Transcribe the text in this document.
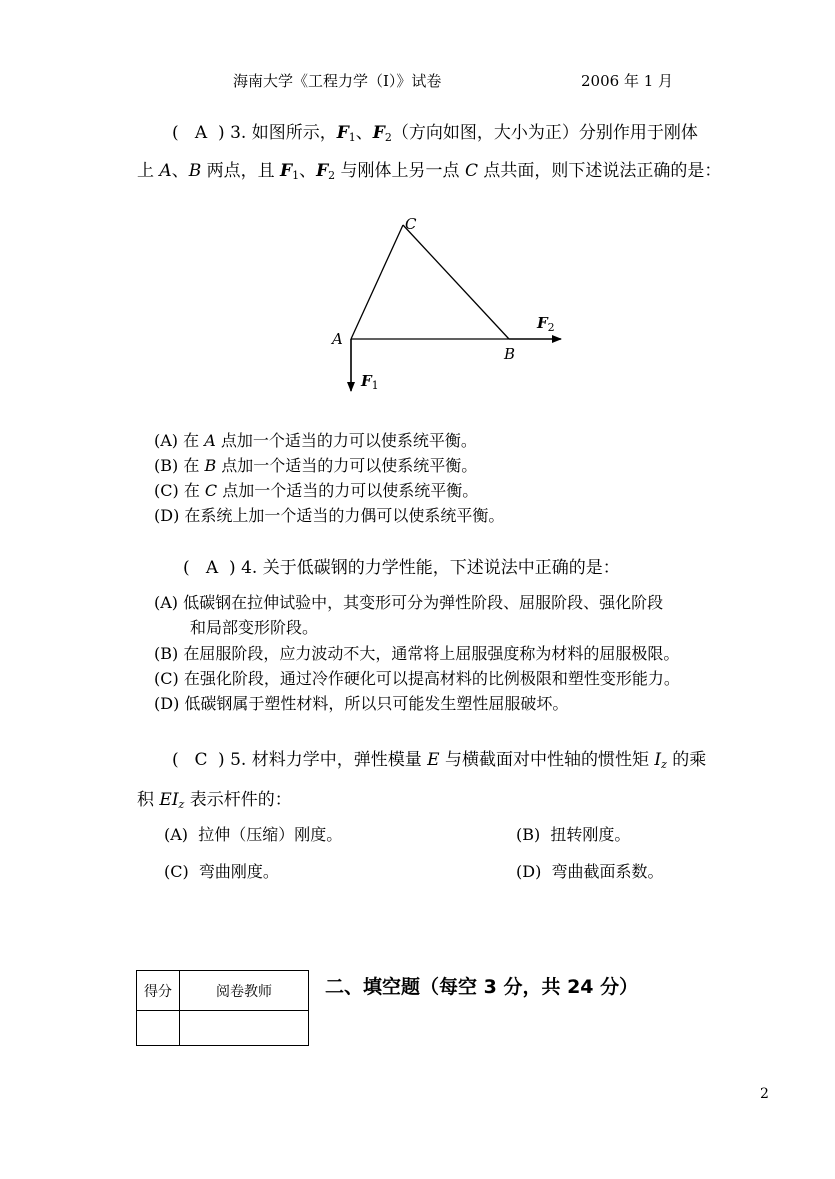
海南大学《工程力学（I）》试卷	2006 年 1 月
( A ) 3. 如图所示，$F_1$、$F_2$（方向如图，大小为正）分别作用于刚体
上 A、B 两点，且 $F_1$、$F_2$ 与刚体上另一点 C 点共面，则下述说法正确的是：
C
A
B
$F_2$
$F_1$
(A) 在 A 点加一个适当的力可以使系统平衡。
(B) 在 B 点加一个适当的力可以使系统平衡。
(C) 在 C 点加一个适当的力可以使系统平衡。
(D) 在系统上加一个适当的力偶可以使系统平衡。
( A ) 4. 关于低碳钢的力学性能，下述说法中正确的是：
(A) 低碳钢在拉伸试验中，其变形可分为弹性阶段、屈服阶段、强化阶段
和局部变形阶段。
(B) 在屈服阶段，应力波动不大，通常将上屈服强度称为材料的屈服极限。
(C) 在强化阶段，通过冷作硬化可以提高材料的比例极限和塑性变形能力。
(D) 低碳钢属于塑性材料，所以只可能发生塑性屈服破坏。
( C ) 5. 材料力学中，弹性模量 E 与横截面对中性轴的惯性矩 $I_z$ 的乘
积 $EI_z$ 表示杆件的：
(A) 拉伸（压缩）刚度。	(B) 扭转刚度。
(C) 弯曲刚度。	(D) 弯曲截面系数。
得分	阅卷教师
		二、填空题（每空 3 分，共 24 分）
2
